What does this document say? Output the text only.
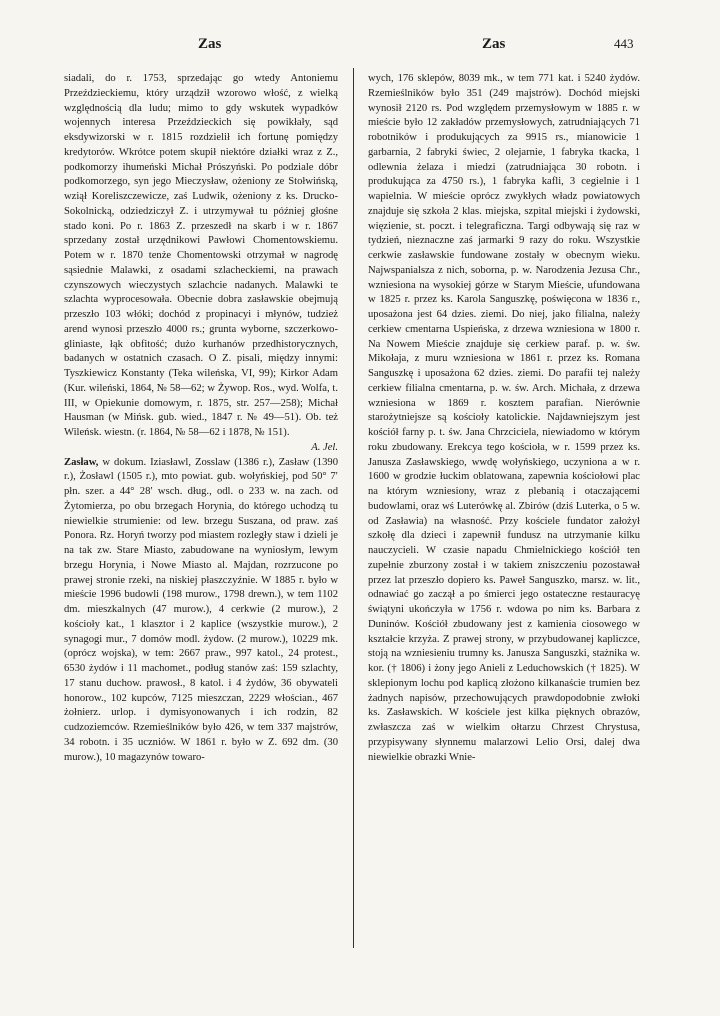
Zas	Zas	443

siadali, do r. 1753, sprzedając go wtedy Antoniemu Przeździeckiemu, który urządził wzorowo włość, z wielką względnością dla ludu; mimo to gdy wskutek wypadków wojennych interesa Przeździeckich się powikłały, sąd eksdywizorski w r. 1815 rozdzielił ich fortunę pomiędzy kredytorów. Wkrótce potem skupił niektóre działki wraz z Z., podkomorzy ihumeński Michał Prószyński. Po podziale dóbr podkomorzego, syn jego Mieczysław, ożeniony ze Stołwińską, wziął Koreliszczewicze, zaś Ludwik, ożeniony z ks. Drucko-Sokolnicką, odziedziczył Z. i utrzymywał tu później głośne stado koni. Po r. 1863 Z. przeszedł na skarb i w r. 1867 sprzedany został urzędnikowi Pawłowi Chomentowskiemu. Potem w r. 1870 tenże Chomentowski otrzymał w nagrodę sąsiednie Malawki, z osadami szlacheckiemi, na prawach czynszowych wieczystych szlachcie nadanych. Malawki te szlachta wyprocesowała. Obecnie dobra zasławskie obejmują przeszło 103 włóki; dochód z propinacyi i młynów, tudzież arend wynosi przeszło 4000 rs.; grunta wyborne, szczerkowo-gliniaste, łąk obfitość; dużo kurhanów przedhistorycznych, badanych w ostatnich czasach. O Z. pisali, między innymi: Tyszkiewicz Konstanty (Teka wileńska, VI, 99); Kirkor Adam (Kur. wileński, 1864, № 58—62; w Żywop. Ros., wyd. Wolfa, t. III, w Opiekunie domowym, r. 1875, str. 257—258); Michał Hausman (w Mińsk. gub. wied., 1847 r. № 49—51). Ob. też Wileńsk. wiestn. (r. 1864, № 58—62 i 1878, № 151).

A. Jel.

Zasław, w dokum. Iziasławl, Zosslaw (1386 r.), Zasław (1390 r.), Żosławl (1505 r.), mto powiat. gub. wołyńskiej, pod 50° 7′ płn. szer. a 44° 28′ wsch. dług., odl. o 233 w. na zach. od Żytomierza, po obu brzegach Horynia, do którego uchodzą tu niewielkie strumienie: od lew. brzegu Suszana, od praw. zaś Ponora. Rz. Horyń tworzy pod miastem rozległy staw i dzieli je na tak zw. Stare Miasto, zabudowane na wyniosłym, lewym brzegu Horynia, i Nowe Miasto al. Majdan, rozrzucone po prawej stronie rzeki, na niskiej płaszczyźnie. W 1885 r. było w mieście 1996 budowli (198 murow., 1798 drewn.), w tem 1102 dm. mieszkalnych (47 murow.), 4 cerkwie (2 murow.), 2 kościoły kat., 1 klasztor i 2 kaplice (wszystkie murow.), 2 synagogi mur., 7 domów modl. żydow. (2 murow.), 10229 mk. (oprócz wojska), w tem: 2667 praw., 997 katol., 24 protest., 6530 żydów i 11 machomet., podług stanów zaś: 159 szlachty, 17 stanu duchow. prawosł., 8 katol. i 4 żydów, 36 obywateli honorow., 102 kupców, 7125 mieszczan, 2229 włościan., 467 żołnierz. urlop. i dymisyonowanych i ich rodzin, 82 cudzoziemców. Rzemieślników było 426, w tem 337 majstrów, 34 robotn. i 35 uczniów. W 1861 r. było w Z. 692 dm. (30 murow.), 10 magazynów towaro-

wych, 176 sklepów, 8039 mk., w tem 771 kat. i 5240 żydów. Rzemieślników było 351 (249 majstrów). Dochód miejski wynosił 2120 rs. Pod względem przemysłowym w 1885 r. w mieście było 12 zakładów przemysłowych, zatrudniających 71 robotników i produkujących za 9915 rs., mianowicie 1 garbarnia, 2 fabryki świec, 2 olejarnie, 1 fabryka tkacka, 1 odlewnia żelaza i miedzi (zatrudniająca 30 robotn. i produkująca za 4750 rs.), 1 fabryka kafli, 3 cegielnie i 1 wapielnia. W mieście oprócz zwykłych władz powiatowych znajduje się szkoła 2 klas. miejska, szpital miejski i żydowski, więzienie, st. poczt. i telegraficzna. Targi odbywają się raz w tydzień, nieznaczne zaś jarmarki 9 razy do roku. Wszystkie cerkwie zasławskie fundowane zostały w obecnym wieku. Najwspanialsza z nich, soborna, p. w. Narodzenia Jezusa Chr., wzniesiona na wysokiej górze w Starym Mieście, ufundowana w 1825 r. przez ks. Karola Sanguszkę, poświęcona w 1836 r., uposażona jest 64 dzies. ziemi. Do niej, jako filialna, należy cerkiew cmentarna Uspieńska, z drzewa wzniesiona w 1800 r. Na Nowem Mieście znajduje się cerkiew paraf. p. w. św. Mikołaja, z muru wzniesiona w 1861 r. przez ks. Romana Sanguszkę i uposażona 62 dzies. ziemi. Do parafii tej należy cerkiew filialna cmentarna, p. w. św. Arch. Michała, z drzewa wzniesiona w 1869 r. kosztem parafian. Nierównie starożytniejsze są kościoły katolickie. Najdawniejszym jest kościół farny p. t. św. Jana Chrzciciela, niewiadomo w którym roku zbudowany. Erekcya tego kościoła, w r. 1599 przez ks. Janusza Zasławskiego, wwdę wołyńskiego, uczyniona a w r. 1600 w grodzie łuckim oblatowana, zapewnia kościołowi plac na którym wzniesiony, wraz z plebanią i otaczającemi budowlami, oraz wś Luterówkę al. Zbirów (dziś Luterka, o 5 w. od Zasławia) na własność. Przy kościele fundator założył szkołę dla dzieci i zapewnił fundusz na utrzymanie kilku nauczycieli. W czasie napadu Chmielnickiego kościół ten zupełnie zburzony został i w takiem zniszczeniu pozostawał przez lat przeszło dopiero ks. Paweł Sanguszko, marsz. w. lit., odnawiać go zaczął a po śmierci jego ostateczne restauracyę świątyni ukończyła w 1756 r. wdowa po nim ks. Barbara z Duninów. Kościół zbudowany jest z kamienia ciosowego w kształcie krzyża. Z prawej strony, w przybudowanej kapliczce, stoją na wzniesieniu trumny ks. Janusza Sanguszki, stażnika w. kor. († 1806) i żony jego Anieli z Leduchowskich († 1825). W sklepionym lochu pod kaplicą złożono kilkanaście trumien bez żadnych napisów, przechowujących prawdopodobnie zwłoki ks. Zasławskich. W kościele jest kilka pięknych obrazów, zwłaszcza zaś w wielkim ołtarzu Chrzest Chrystusa, przypisywany słynnemu malarzowi Lelio Orsi, dalej dwa niewielkie obrazki Wnie-
